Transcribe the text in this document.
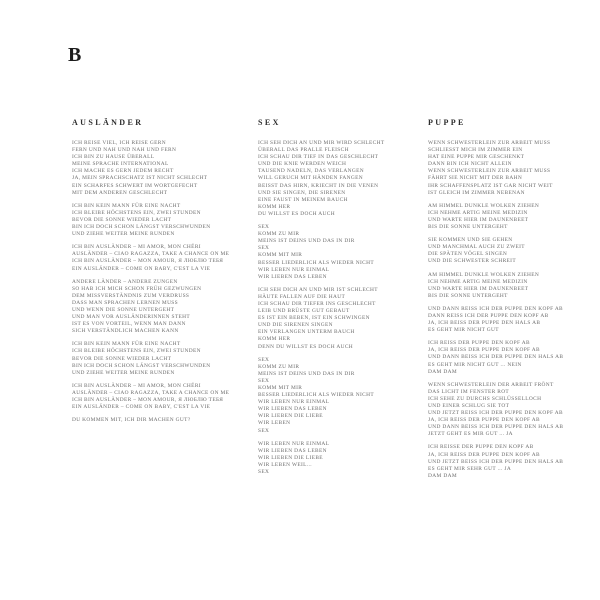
B
AUSLÄNDER
ICH REISE VIEL, ICH REISE GERN
FERN UND NAH UND NAH UND FERN
ICH BIN ZU HAUSE ÜBERALL
MEINE SPRACHE INTERNATIONAL
ICH MACHE ES GERN JEDEM RECHT
JA, MEIN SPRACHSCHATZ IST NICHT SCHLECHT
EIN SCHARFES SCHWERT IM WORTGEFECHT
MIT DEM ANDEREN GESCHLECHT
ICH BIN KEIN MANN FÜR EINE NACHT
ICH BLEIBE HÖCHSTENS EIN, ZWEI STUNDEN
BEVOR DIE SONNE WIEDER LACHT
BIN ICH DOCH SCHON LÄNGST VERSCHWUNDEN
UND ZIEHE WEITER MEINE RUNDEN
ICH BIN AUSLÄNDER – MI AMOR, MON CHÉRI
AUSLÄNDER – CIAO RAGAZZA, TAKE A CHANCE ON ME
ICH BIN AUSLÄNDER – MON AMOUR, Я ЛЮБЛЮ ТЕБЯ
EIN AUSLÄNDER – COME ON BABY, C'EST LA VIE
ANDERE LÄNDER – ANDERE ZUNGEN
SO HAB ICH MICH SCHON FRÜH GEZWUNGEN
DEM MISSVERSTÄNDNIS ZUM VERDRUSS
DASS MAN SPRACHEN LERNEN MUSS
UND WENN DIE SONNE UNTERGEHT
UND MAN VOR AUSLÄNDERINNEN STEHT
IST ES VON VORTEIL, WENN MAN DANN
SICH VERSTÄNDLICH MACHEN KANN
ICH BIN KEIN MANN FÜR EINE NACHT
ICH BLEIBE HÖCHSTENS EIN, ZWEI STUNDEN
BEVOR DIE SONNE WIEDER LACHT
BIN ICH DOCH SCHON LÄNGST VERSCHWUNDEN
UND ZIEHE WEITER MEINE RUNDEN
ICH BIN AUSLÄNDER – MI AMOR, MON CHÉRI
AUSLÄNDER – CIAO RAGAZZA, TAKE A CHANCE ON ME
ICH BIN AUSLÄNDER – MON AMOUR, Я ЛЮБЛЮ ТЕБЯ
EIN AUSLÄNDER – COME ON BABY, C'EST LA VIE
DU KOMMEN MIT, ICH DIR MACHEN GUT?
SEX
ICH SEH DICH AN UND MIR WIRD SCHLECHT
ÜBERALL DAS PRALLE FLEISCH
ICH SCHAU DIR TIEF IN DAS GESCHLECHT
UND DIE KNIE WERDEN WEICH
TAUSEND NADELN, DAS VERLANGEN
WILL GERUCH MIT HÄNDEN FANGEN
BEISST DAS HIRN, KRIECHT IN DIE VENEN
UND SIE SINGEN, DIE SIRENEN
EINE FAUST IN MEINEM BAUCH
KOMM HER
DU WILLST ES DOCH AUCH
SEX
KOMM ZU MIR
MEINS IST DEINS UND DAS IN DIR
SEX
KOMM MIT MIR
BESSER LIEDERLICH ALS WIEDER NICHT
WIR LEBEN NUR EINMAL
WIR LIEBEN DAS LEBEN
ICH SEH DICH AN UND MIR IST SCHLECHT
HÄUTE FALLEN AUF DIE HAUT
ICH SCHAU DIR TIEFER INS GESCHLECHT
LEIB UND BRÜSTE GUT GEBAUT
ES IST EIN BEBEN, IST EIN SCHWINGEN
UND DIE SIRENEN SINGEN
EIN VERLANGEN UNTERM BAUCH
KOMM HER
DENN DU WILLST ES DOCH AUCH
SEX
KOMM ZU MIR
MEINS IST DEINS UND DAS IN DIR
SEX
KOMM MIT MIR
BESSER LIEDERLICH ALS WIEDER NICHT
WIR LEBEN NUR EINMAL
WIR LIEBEN DAS LEBEN
WIR LIEBEN DIE LIEBE
WIR LEBEN
SEX
WIR LEBEN NUR EINMAL
WIR LIEBEN DAS LEBEN
WIR LIEBEN DIE LIEBE
WIR LEBEN WEIL...
SEX
PUPPE
WENN SCHWESTERLEIN ZUR ARBEIT MUSS
SCHLIESST MICH IM ZIMMER EIN
HAT EINE PUPPE MIR GESCHENKT
DANN BIN ICH NICHT ALLEIN
WENN SCHWESTERLEIN ZUR ARBEIT MUSS
FÄHRT SIE NICHT MIT DER BAHN
IHR SCHAFFENSPLATZ IST GAR NICHT WEIT
IST GLEICH IM ZIMMER NEBENAN
AM HIMMEL DUNKLE WOLKEN ZIEHEN
ICH NEHME ARTIG MEINE MEDIZIN
UND WARTE HIER IM DAUNENBEET
BIS DIE SONNE UNTERGEHT
SIE KOMMEN UND SIE GEHEN
UND MANCHMAL AUCH ZU ZWEIT
DIE SPÄTEN VÖGEL SINGEN
UND DIE SCHWESTER SCHREIT
AM HIMMEL DUNKLE WOLKEN ZIEHEN
ICH NEHME ARTIG MEINE MEDIZIN
UND WARTE HIER IM DAUNENBEET
BIS DIE SONNE UNTERGEHT
UND DANN REISS ICH DER PUPPE DEN KOPF AB
DANN REISS ICH DER PUPPE DEN KOPF AB
JA, ICH BEISS DER PUPPE DEN HALS AB
ES GEHT MIR NICHT GUT
ICH REISS DER PUPPE DEN KOPF AB
JA, ICH REISS DER PUPPE DEN KOPF AB
UND DANN BEISS ICH DER PUPPE DEN HALS AB
ES GEHT MIR NICHT GUT ... NEIN
DAM DAM
WENN SCHWESTERLEIN DER ARBEIT FRÖNT
DAS LICHT IM FENSTER ROT
ICH SEHE ZU DURCHS SCHLÜSSELLOCH
UND EINER SCHLUG SIE TOT
UND JETZT REISS ICH DER PUPPE DEN KOPF AB
JA, ICH REISS DER PUPPE DEN KOPF AB
UND DANN BEISS ICH DER PUPPE DEN HALS AB
JETZT GEHT ES MIR GUT ... JA
ICH REISSE DER PUPPE DEN KOPF AB
JA, ICH REISS DER PUPPE DEN KOPF AB
UND JETZT BEISS ICH DER PUPPE DEN HALS AB
ES GEHT MIR SEHR GUT ... JA
DAM DAM
